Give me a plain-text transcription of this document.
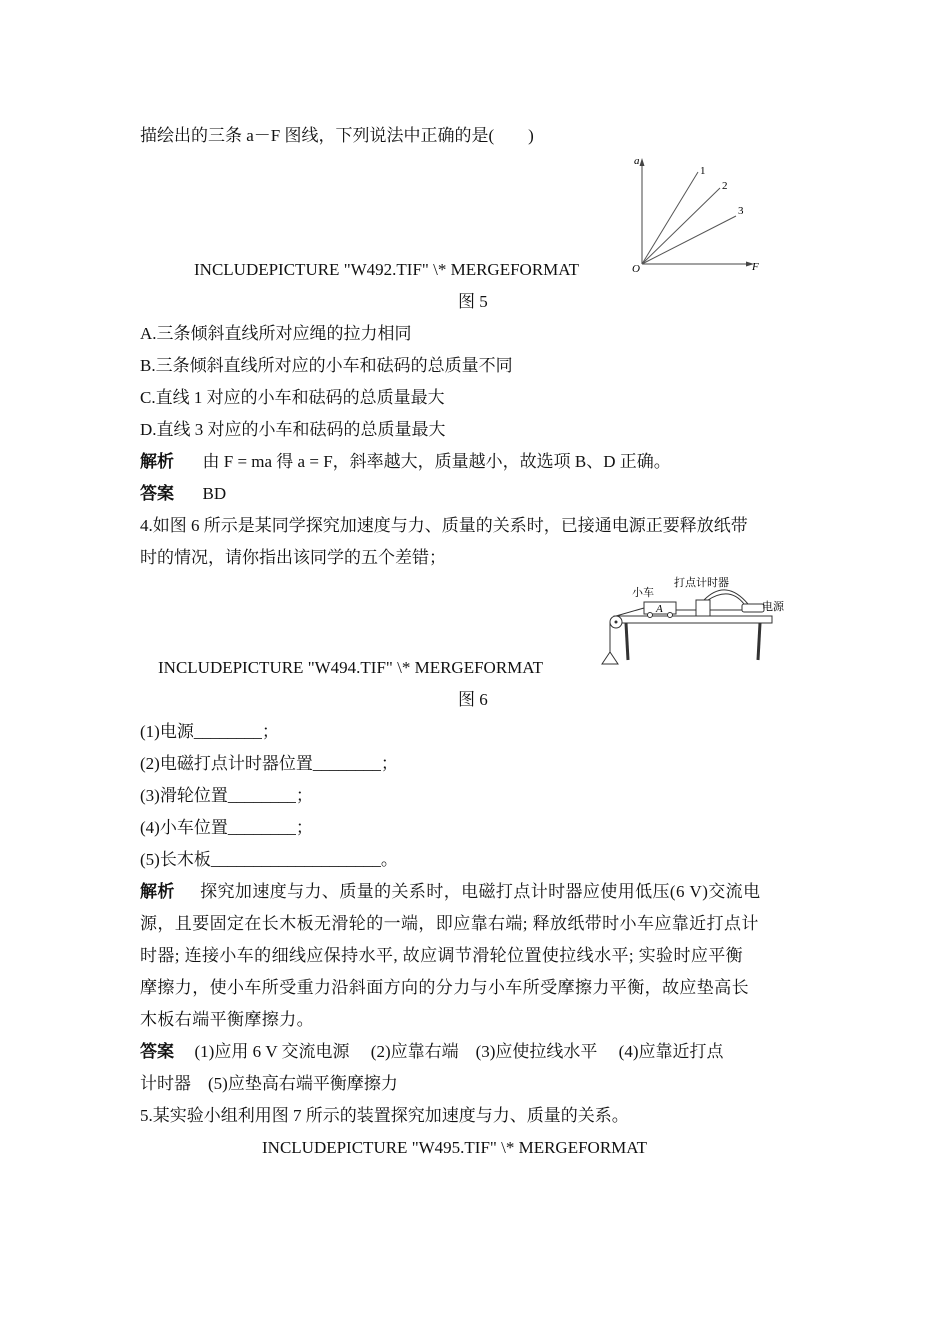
描绘出的三条 a－F 图线，下列说法中正确的是(　　)
a
F
O
1
2
3
INCLUDEPICTURE "W492.TIF" \* MERGEFORMAT
图 5
A.三条倾斜直线所对应绳的拉力相同
B.三条倾斜直线所对应的小车和砝码的总质量不同
C.直线 1 对应的小车和砝码的总质量最大
D.直线 3 对应的小车和砝码的总质量最大
解析 由 F = ma 得 a = F，斜率越大，质量越小，故选项 B、D 正确。
答案 BD
4.如图 6 所示是某同学探究加速度与力、质量的关系时，已接通电源正要释放纸带
时的情况，请你指出该同学的五个差错；
打点计时器
小车
电源
A
INCLUDEPICTURE "W494.TIF" \* MERGEFORMAT
图 6
(1)电源________；
(2)电磁打点计时器位置________；
(3)滑轮位置________；
(4)小车位置________；
(5)长木板____________________。
解析 探究加速度与力、质量的关系时，电磁打点计时器应使用低压(6 V)交流电
源，且要固定在长木板无滑轮的一端，即应靠右端; 释放纸带时小车应靠近打点计
时器; 连接小车的细线应保持水平, 故应调节滑轮位置使拉线水平; 实验时应平衡
摩擦力，使小车所受重力沿斜面方向的分力与小车所受摩擦力平衡，故应垫高长
木板右端平衡摩擦力。
答案 (1)应用 6 V 交流电源　 (2)应靠右端　(3)应使拉线水平　 (4)应靠近打点
计时器　(5)应垫高右端平衡摩擦力
5.某实验小组利用图 7 所示的装置探究加速度与力、质量的关系。
INCLUDEPICTURE "W495.TIF" \* MERGEFORMAT
